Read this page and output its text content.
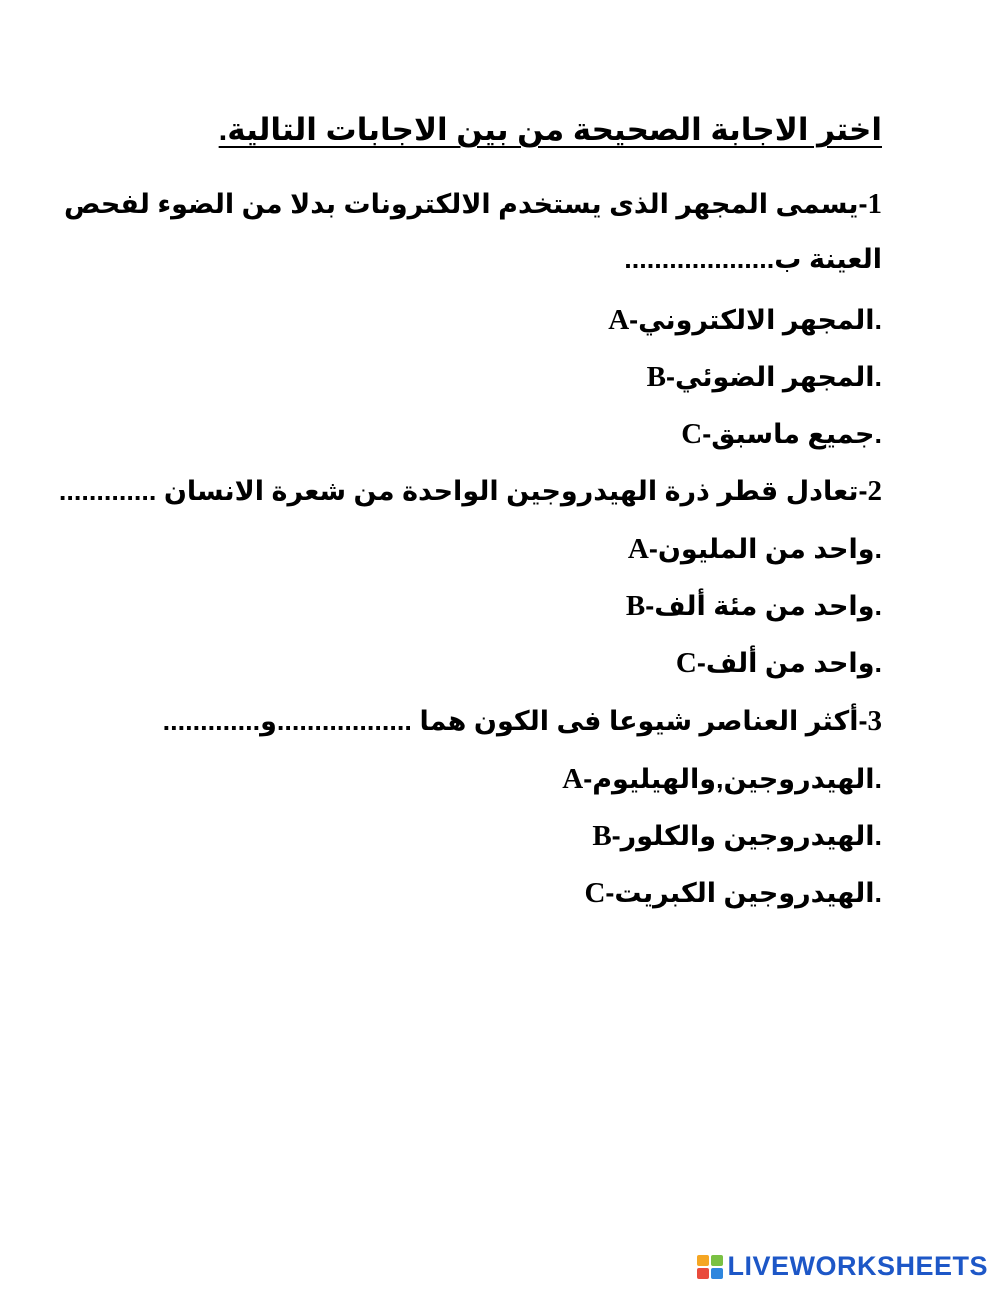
اختر الاجابة الصحيحة من بين الاجابات التالية.
1-يسمى المجهر الذى يستخدم الالكترونات بدلا من الضوء لفحص
العينة ب....................
A-المجهر الالكتروني.
B-المجهر الضوئي.
C-جميع ماسبق.
2-تعادل قطر ذرة الهيدروجين الواحدة من شعرة الانسان .............
A-واحد من المليون.
B-واحد من مئة ألف.
C-واحد من ألف.
3-أكثر العناصر شيوعا فى الكون هما ..................و.............
A-الهيدروجين,والهيليوم.
B-الهيدروجين والكلور.
C-الهيدروجين الكبريت.
LIVEWORKSHEETS
